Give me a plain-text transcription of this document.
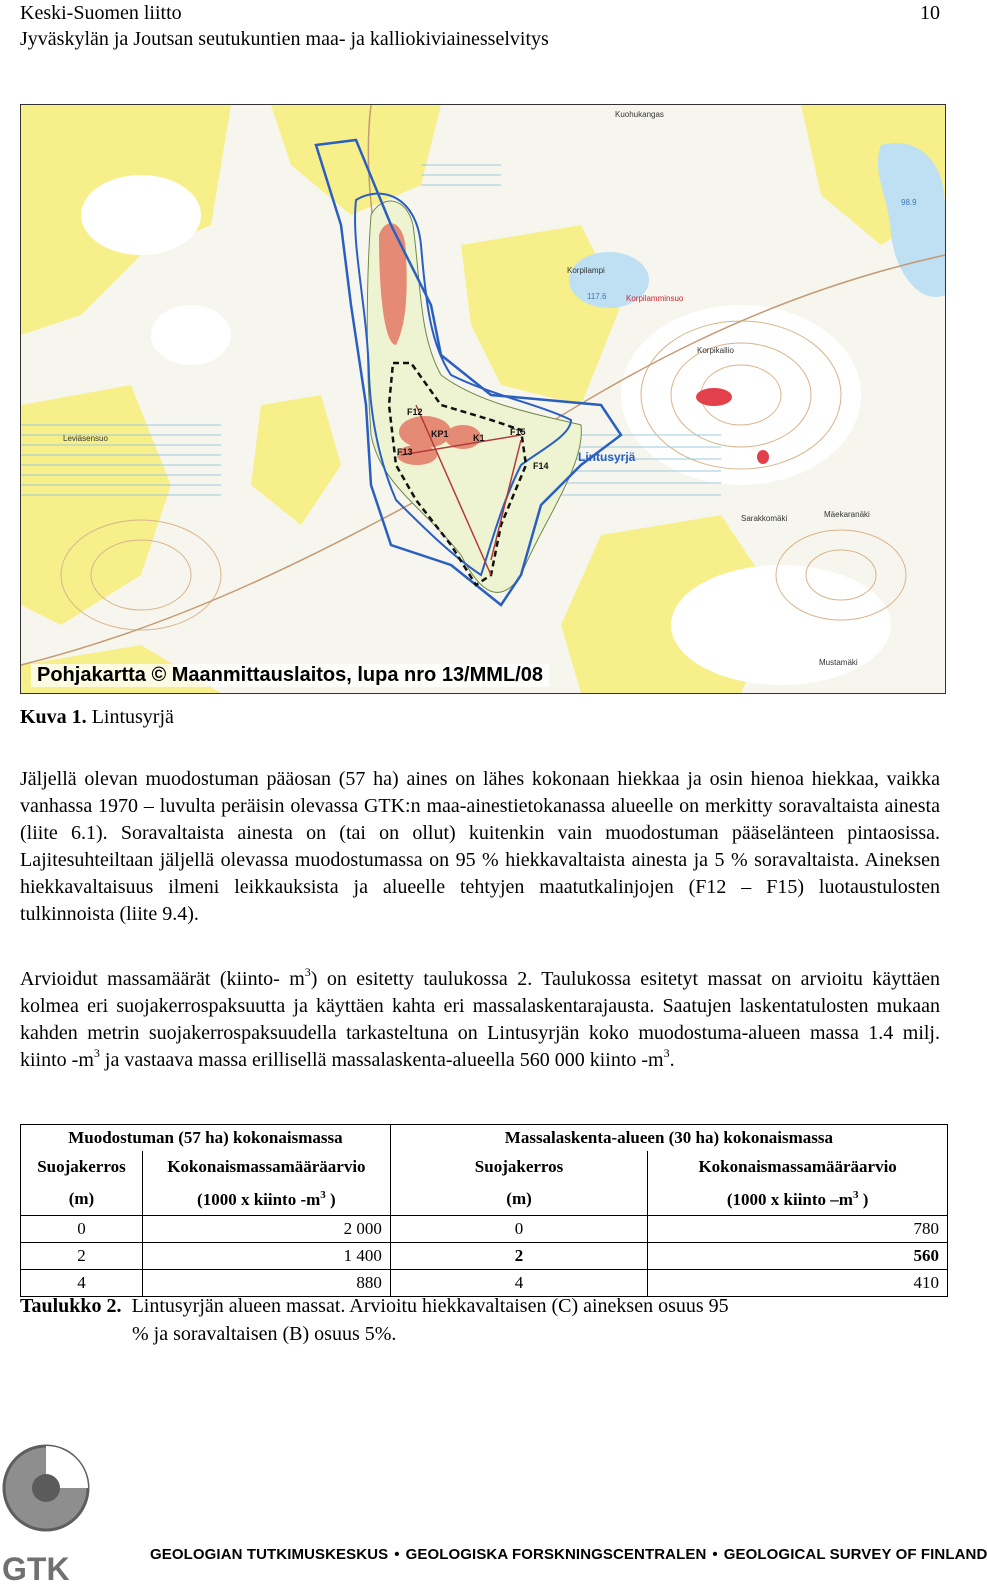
Keski-Suomen liitto
Jyväskylän ja Joutsan seutukuntien maa- ja kalliokiviainesselvitys
10
Kuohukangas
Korpilampi
117.6 Korpilamminsuo
Korpikallio
Leviäsensuo
Sarakkomäki	Mäekaranäki
Mustamäki
98.9
F12
KP1	K1
F15
F13
F14
Lintusyrjä
Pohjakartta © Maanmittauslaitos, lupa nro 13/MML/08
Kuva 1. Lintusyrjä

Jäljellä olevan muodostuman pääosan (57 ha) aines on lähes kokonaan hiekkaa ja osin hienoa hiekkaa, vaikka vanhassa 1970 – luvulta peräisin olevassa GTK:n maa-ainestietokanassa alueelle on merkitty soravaltaista ainesta (liite 6.1). Soravaltaista ainesta on (tai on ollut) kuitenkin vain muodostuman pääselänteen pintaosissa. Lajitesuhteiltaan jäljellä olevassa muodostumassa on 95 % hiekkavaltaista ainesta ja 5 % soravaltaista. Aineksen hiekkavaltaisuus ilmeni leikkauksista ja alueelle tehtyjen maatutkalinjojen (F12 – F15) luotaustulosten tulkinnoista (liite 9.4).

Arvioidut massamäärät (kiinto- $m^3$) on esitetty taulukossa 2. Taulukossa esitetyt massat on arvioitu käyttäen kolmea eri suojakerrospaksuutta ja käyttäen kahta eri massalaskentarajausta. Saatujen laskentatulosten mukaan kahden metrin suojakerrospaksuudella tarkasteltuna on Lintusyrjän koko muodostuma-alueen massa 1.4 milj. kiinto $-m^3$ ja vastaava massa erillisellä massalaskenta-alueella 560 000 kiinto $-m^3$.

Muodostuman (57 ha) kokonaismassa		Massalaskenta-alueen (30 ha) kokonaismassa	
Suojakerros	Kokonaismassamääräarvio	Suojakerros	Kokonaismassamääräarvio
(m)	(1000 x kiinto $-m^3$ )	(m)	(1000 x kiinto $-m^3$ )
0	2 000	0	780
2	1 400	2	560
4	880	4	410
Taulukko 2. Lintusyrjän alueen massat. Arvioitu hiekkavaltaisen (C) aineksen osuus 95
% ja soravaltaisen (B) osuus 5%.
GTK	GEOLOGIAN TUTKIMUSKESKUS • GEOLOGISKA FORSKNINGSCENTRALEN • GEOLOGICAL SURVEY OF FINLAND
